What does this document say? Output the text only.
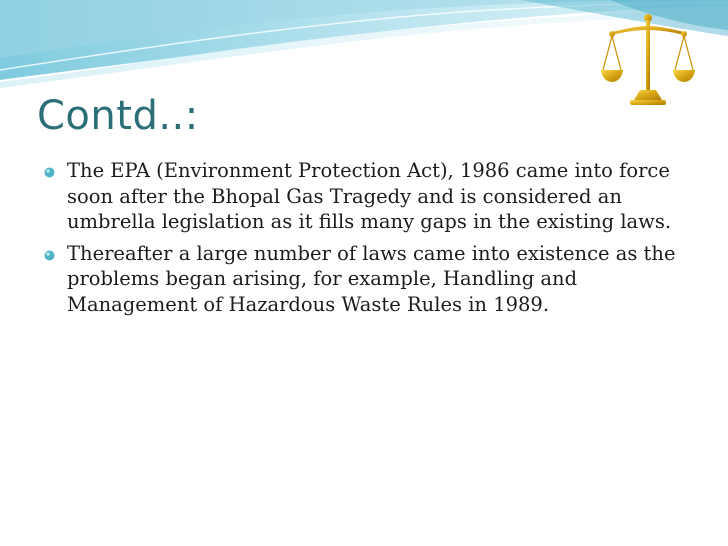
Contd..:
The EPA (Environment Protection Act), 1986 came into force soon after the Bhopal Gas Tragedy and is considered an umbrella legislation as it fills many gaps in the existing laws.
Thereafter a large number of laws came into existence as the problems began arising, for example, Handling and Management of Hazardous Waste Rules in 1989.
